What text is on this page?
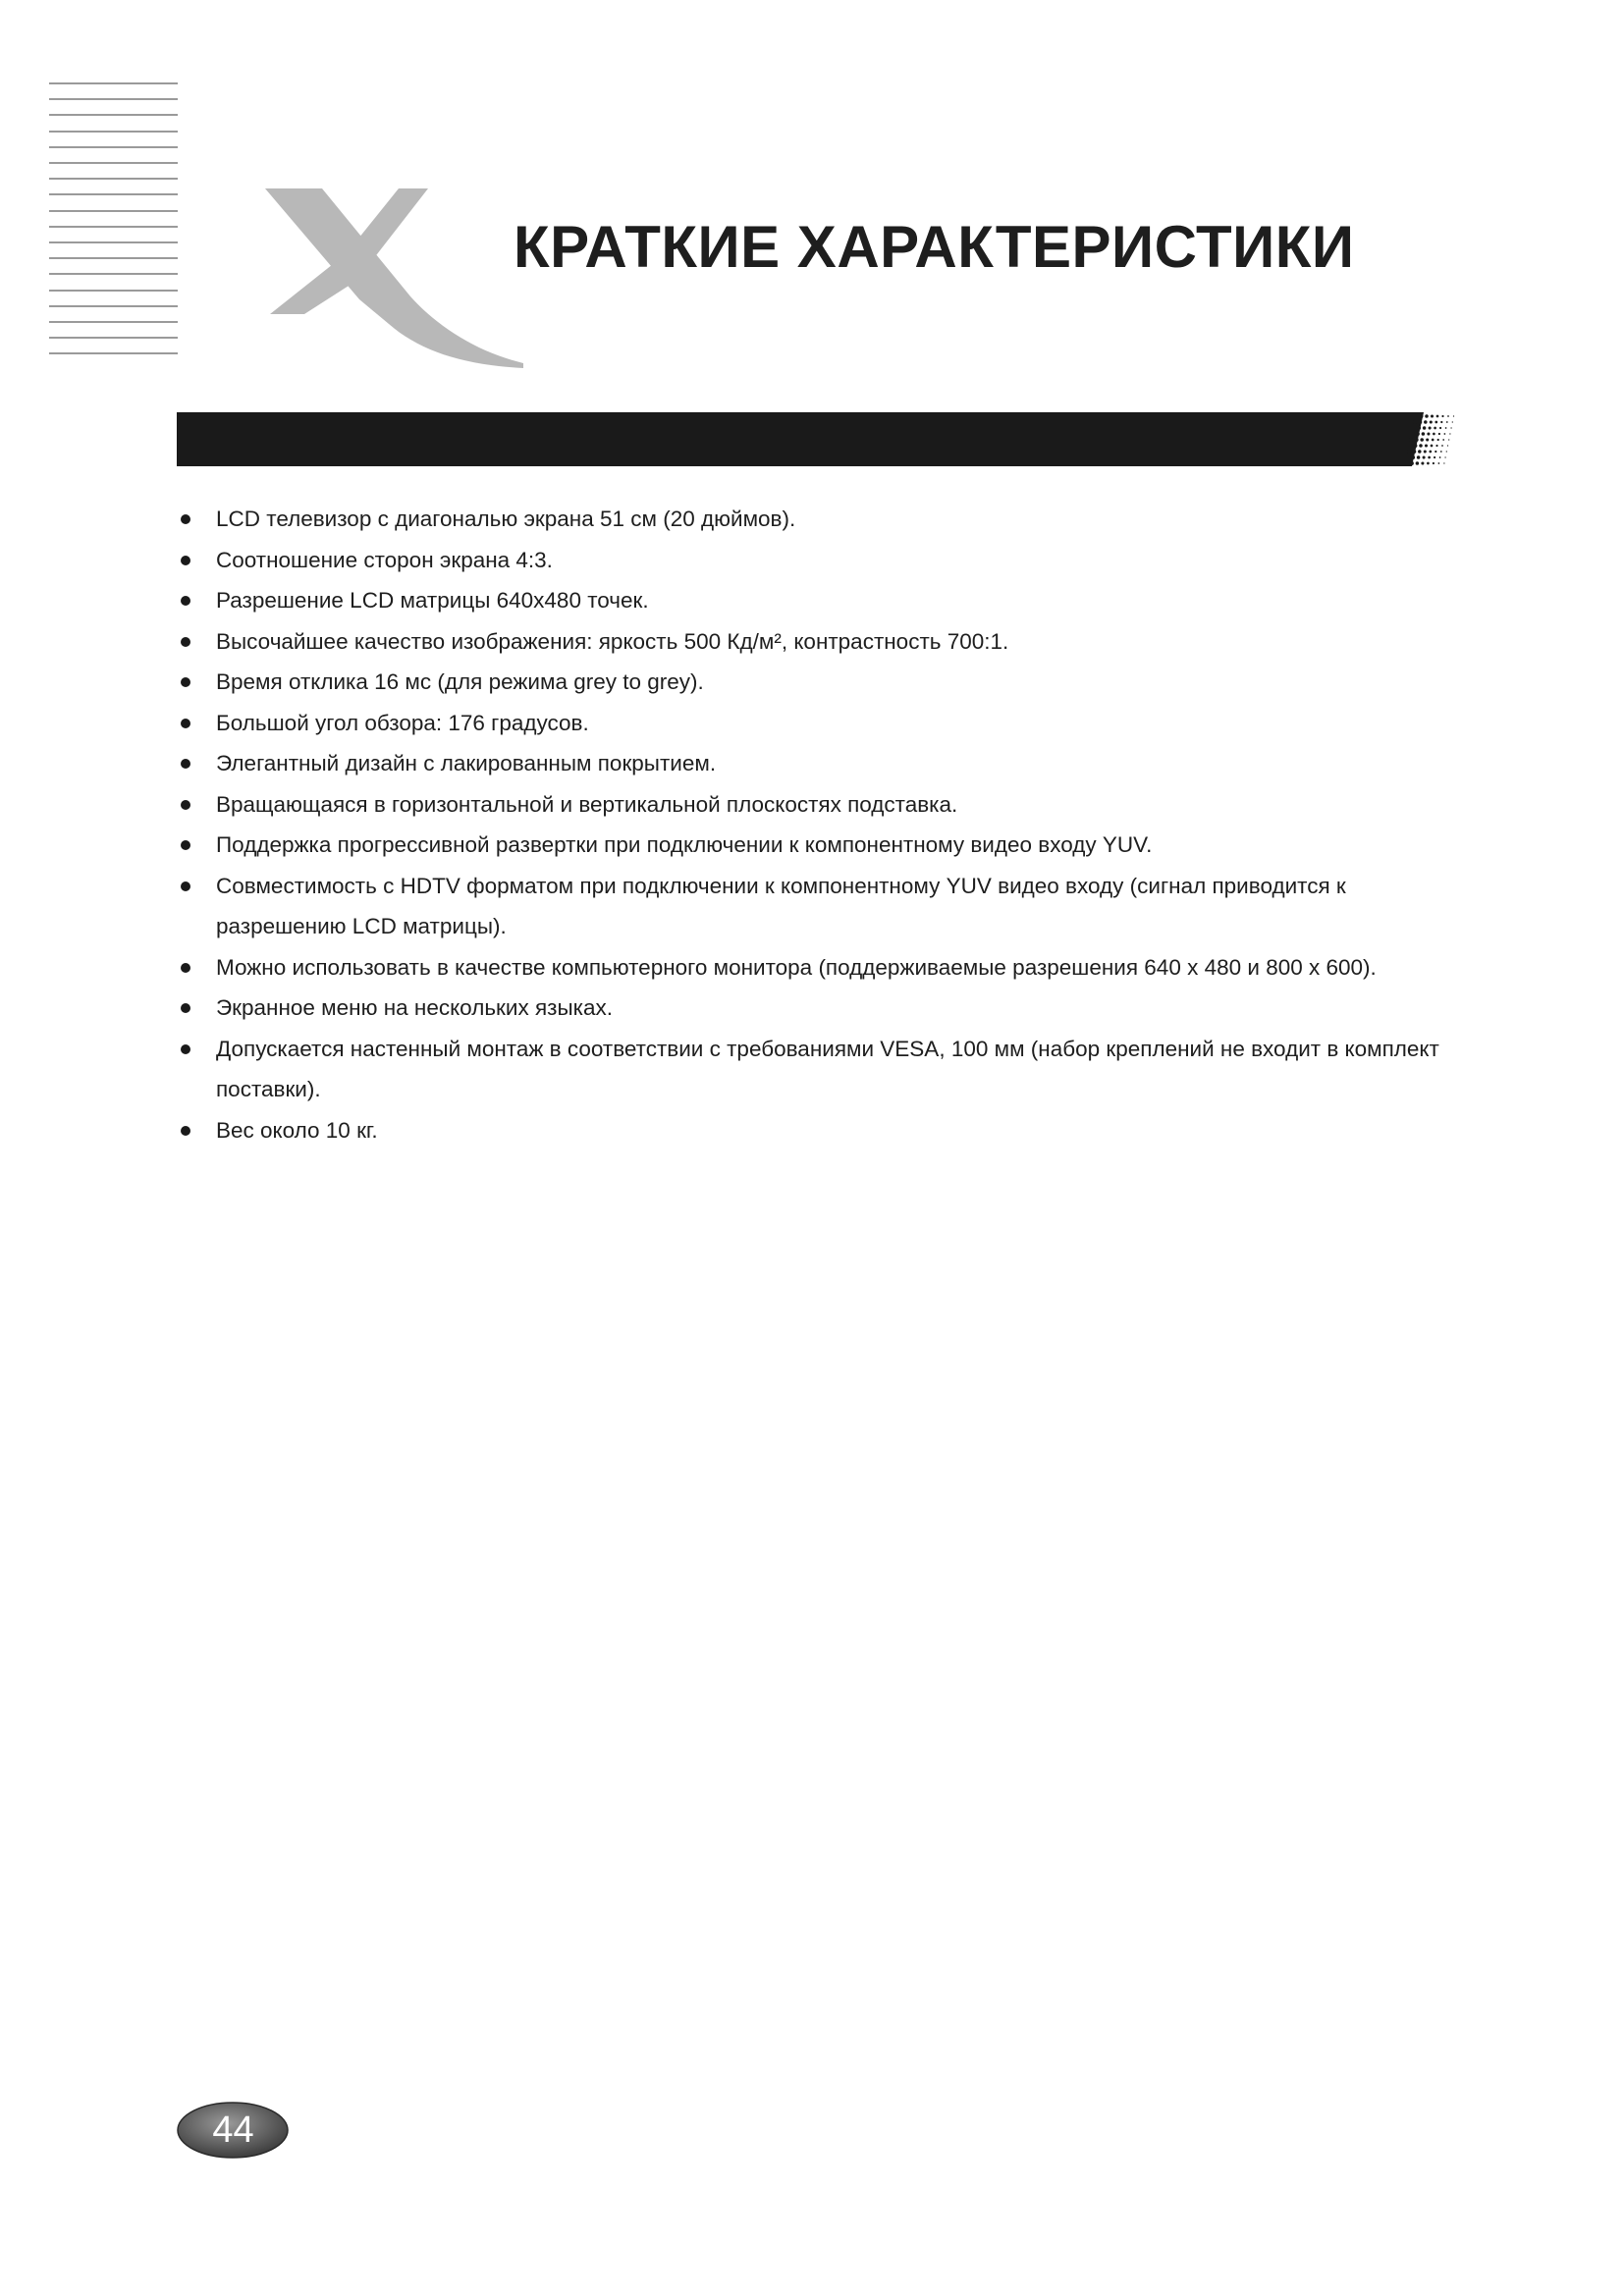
КРАТКИЕ ХАРАКТЕРИСТИКИ
LCD телевизор с диагональю экрана 51 см (20 дюймов).
Соотношение сторон экрана 4:3.
Разрешение LCD матрицы 640x480 точек.
Высочайшее качество изображения: яркость 500 Кд/м², контрастность 700:1.
Время отклика 16 мс (для режима grey to grey).
Большой угол обзора: 176 градусов.
Элегантный дизайн с лакированным покрытием.
Вращающаяся в горизонтальной и вертикальной плоскостях подставка.
Поддержка прогрессивной развертки при подключении к компонентному видео входу YUV.
Совместимость с HDTV форматом при подключении к компонентному YUV видео входу (сигнал приводится к разрешению LCD матрицы).
Можно использовать в качестве компьютерного монитора (поддерживаемые разрешения 640 x 480 и 800 x 600).
Экранное меню на нескольких языках.
Допускается настенный монтаж в соответствии с требованиями VESA, 100 мм (набор креплений не входит в комплект поставки).
Вес около 10 кг.
44
